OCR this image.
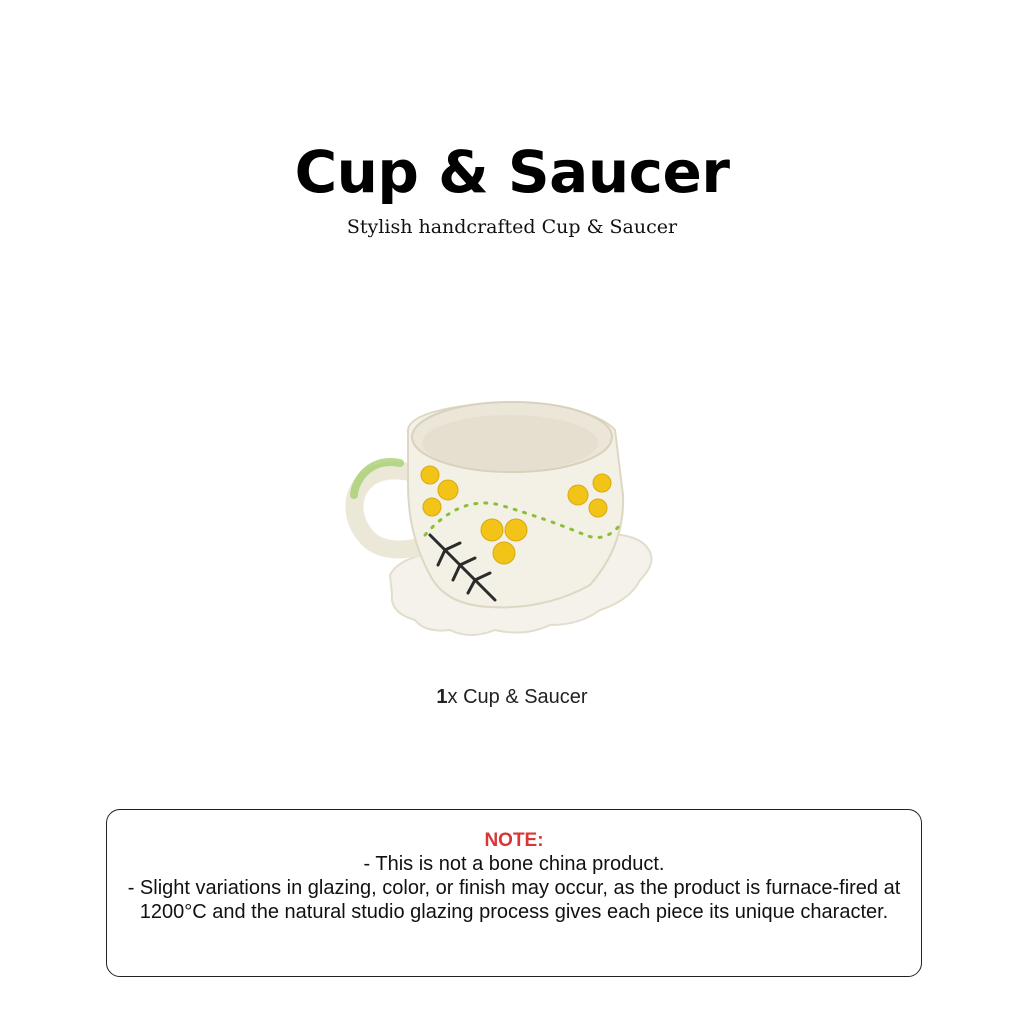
Cup & Saucer
Stylish handcrafted Cup & Saucer
1x Cup & Saucer
NOTE:
- This is not a bone china product.
- Slight variations in glazing, color, or finish may occur, as the product is furnace-fired at 1200°C and the natural studio glazing process gives each piece its unique character.
